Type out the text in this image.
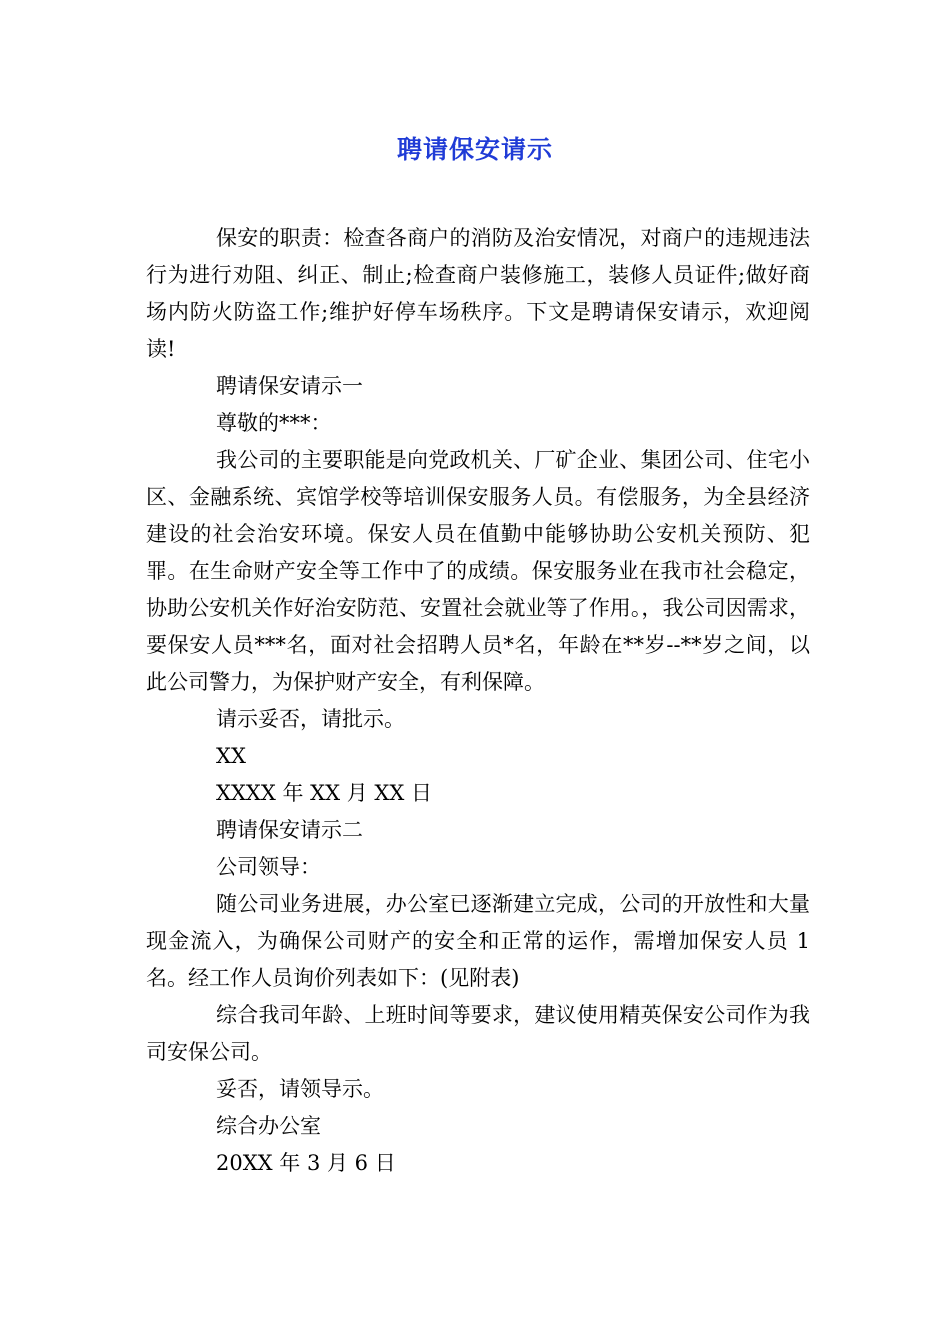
聘请保安请示

保安的职责：检查各商户的消防及治安情况，对商户的违规违法行为进行劝阻、纠正、制止;检查商户装修施工，装修人员证件;做好商场内防火防盗工作;维护好停车场秩序。下文是聘请保安请示，欢迎阅读!

聘请保安请示一

尊敬的***：

我公司的主要职能是向党政机关、厂矿企业、集团公司、住宅小区、金融系统、宾馆学校等培训保安服务人员。有偿服务，为全县经济建设的社会治安环境。保安人员在值勤中能够协助公安机关预防、犯罪。在生命财产安全等工作中了的成绩。保安服务业在我市社会稳定，协助公安机关作好治安防范、安置社会就业等了作用。，我公司因需求，要保安人员***名，面对社会招聘人员*名，年龄在**岁--**岁之间，以此公司警力，为保护财产安全，有利保障。

请示妥否，请批示。

XX

XXXX 年 XX 月 XX 日

聘请保安请示二

公司领导：

随公司业务进展，办公室已逐渐建立完成，公司的开放性和大量现金流入，为确保公司财产的安全和正常的运作，需增加保安人员 1 名。经工作人员询价列表如下：(见附表)

综合我司年龄、上班时间等要求，建议使用精英保安公司作为我司安保公司。

妥否，请领导示。

综合办公室

20XX 年 3 月 6 日
